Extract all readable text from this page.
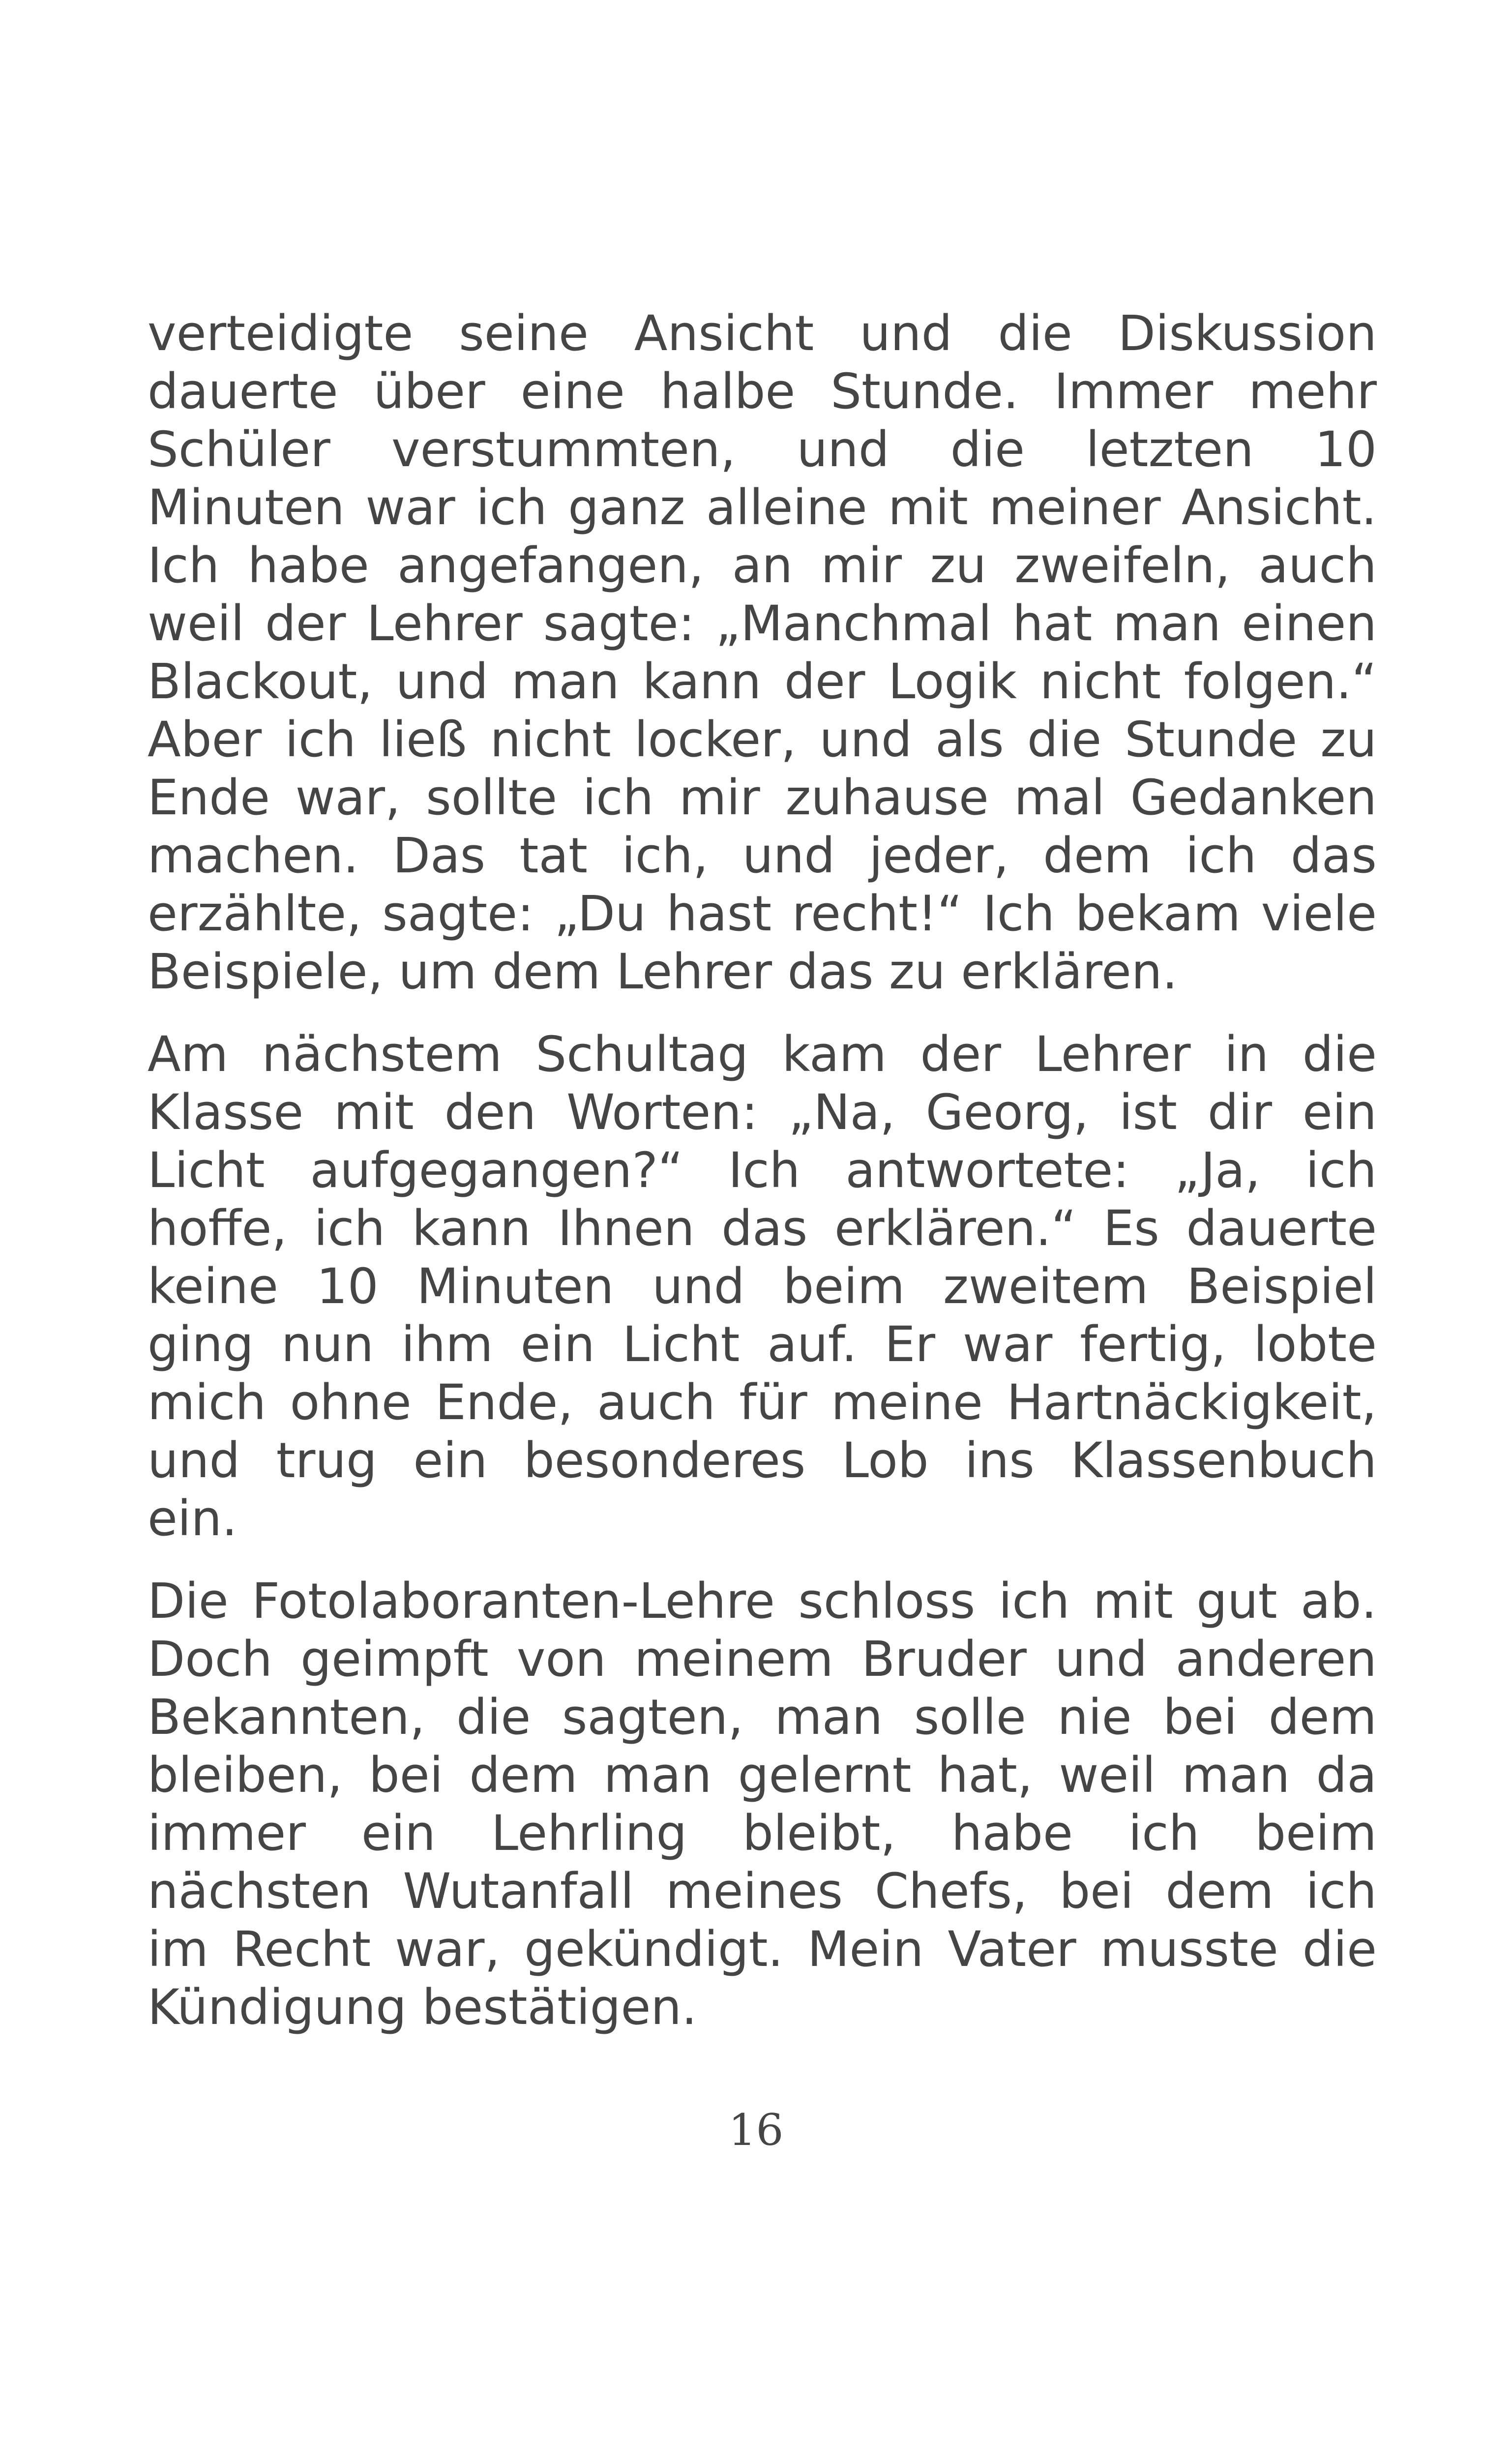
verteidigte seine Ansicht und die Diskussion
dauerte über eine halbe Stunde. Immer mehr
Schüler verstummten, und die letzten 10
Minuten war ich ganz alleine mit meiner Ansicht.
Ich habe angefangen, an mir zu zweifeln, auch
weil der Lehrer sagte: „Manchmal hat man einen
Blackout, und man kann der Logik nicht folgen.“
Aber ich ließ nicht locker, und als die Stunde zu
Ende war, sollte ich mir zuhause mal Gedanken
machen. Das tat ich, und jeder, dem ich das
erzählte, sagte: „Du hast recht!“ Ich bekam viele
Beispiele, um dem Lehrer das zu erklären.

Am nächstem Schultag kam der Lehrer in die
Klasse mit den Worten: „Na, Georg, ist dir ein
Licht aufgegangen?“ Ich antwortete: „Ja, ich
hoffe, ich kann Ihnen das erklären.“ Es dauerte
keine 10 Minuten und beim zweitem Beispiel
ging nun ihm ein Licht auf. Er war fertig, lobte
mich ohne Ende, auch für meine Hartnäckigkeit,
und trug ein besonderes Lob ins Klassenbuch
ein.

Die Fotolaboranten-Lehre schloss ich mit gut ab.
Doch geimpft von meinem Bruder und anderen
Bekannten, die sagten, man solle nie bei dem
bleiben, bei dem man gelernt hat, weil man da
immer ein Lehrling bleibt, habe ich beim
nächsten Wutanfall meines Chefs, bei dem ich
im Recht war, gekündigt. Mein Vater musste die
Kündigung bestätigen.

16
